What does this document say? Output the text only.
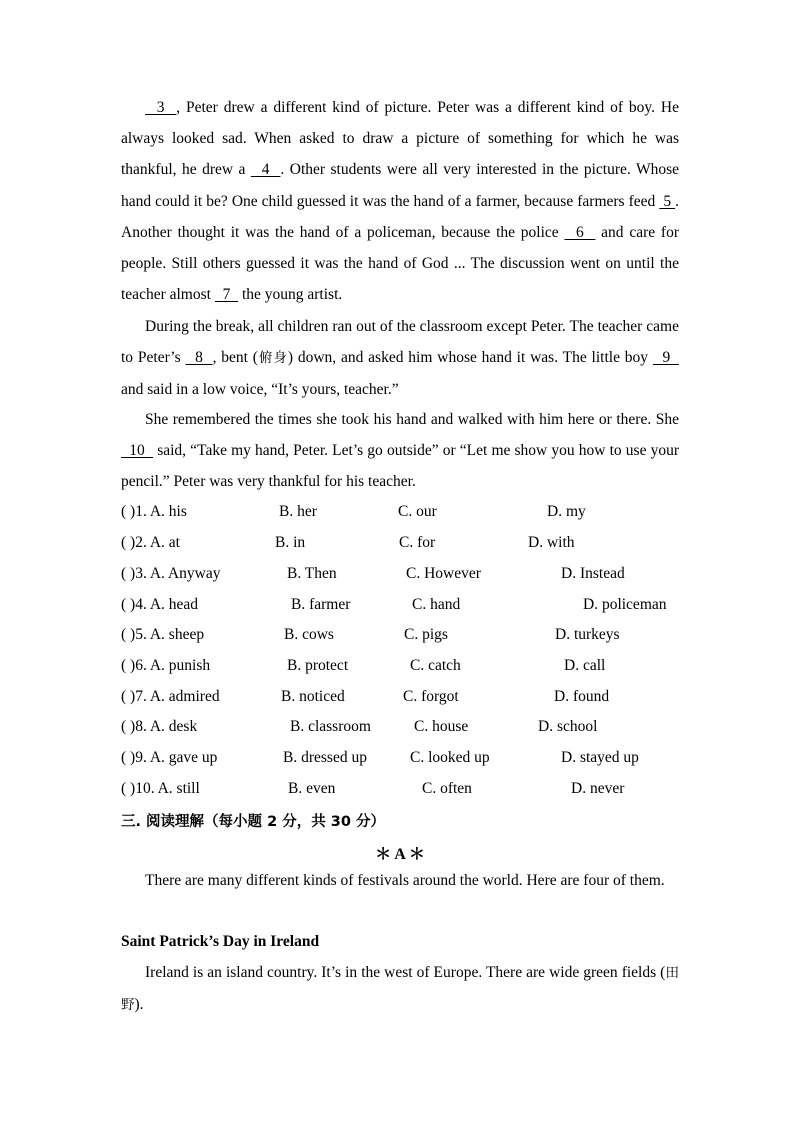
3  , Peter drew a different kind of picture. Peter was a different kind of boy. He always looked sad. When asked to draw a picture of something for which he was thankful, he drew a   4  . Other students were all very interested in the picture. Whose hand could it be? One child guessed it was the hand of a farmer, because farmers feed  5 . Another thought it was the hand of a policeman, because the police   6   and care for people. Still others guessed it was the hand of God ... The discussion went on until the teacher almost   7   the young artist.

During the break, all children ran out of the classroom except Peter. The teacher came to Peter’s   8  , bent (俯身) down, and asked him whose hand it was. The little boy   9   and said in a low voice, “It’s yours, teacher.”

She remembered the times she took his hand and walked with him here or there. She   10   said, “Take my hand, Peter. Let’s go outside” or “Let me show you how to use your pencil.” Peter was very thankful for his teacher.

( )1. A. his	B. her	C. our	D. my
( )2. A. at	B. in	C. for	D. with
( )3. A. Anyway	B. Then	C. However	D. Instead
( )4. A. head	B. farmer	C. hand	D. policeman
( )5. A. sheep	B. cows	C. pigs	D. turkeys
( )6. A. punish	B. protect	C. catch	D. call
( )7. A. admired	B. noticed	C. forgot	D. found
( )8. A. desk	B. classroom	C. house	D. school
( )9. A. gave up	B. dressed up	C. looked up	D. stayed up
( )10. A. still	B. even	C. often	D. never
三. 阅读理解（每小题 2 分，共 30 分）
＊ A ＊

There are many different kinds of festivals around the world. Here are four of them.

Saint Patrick’s Day in Ireland

Ireland is an island country. It’s in the west of Europe. There are wide green fields (田野).
